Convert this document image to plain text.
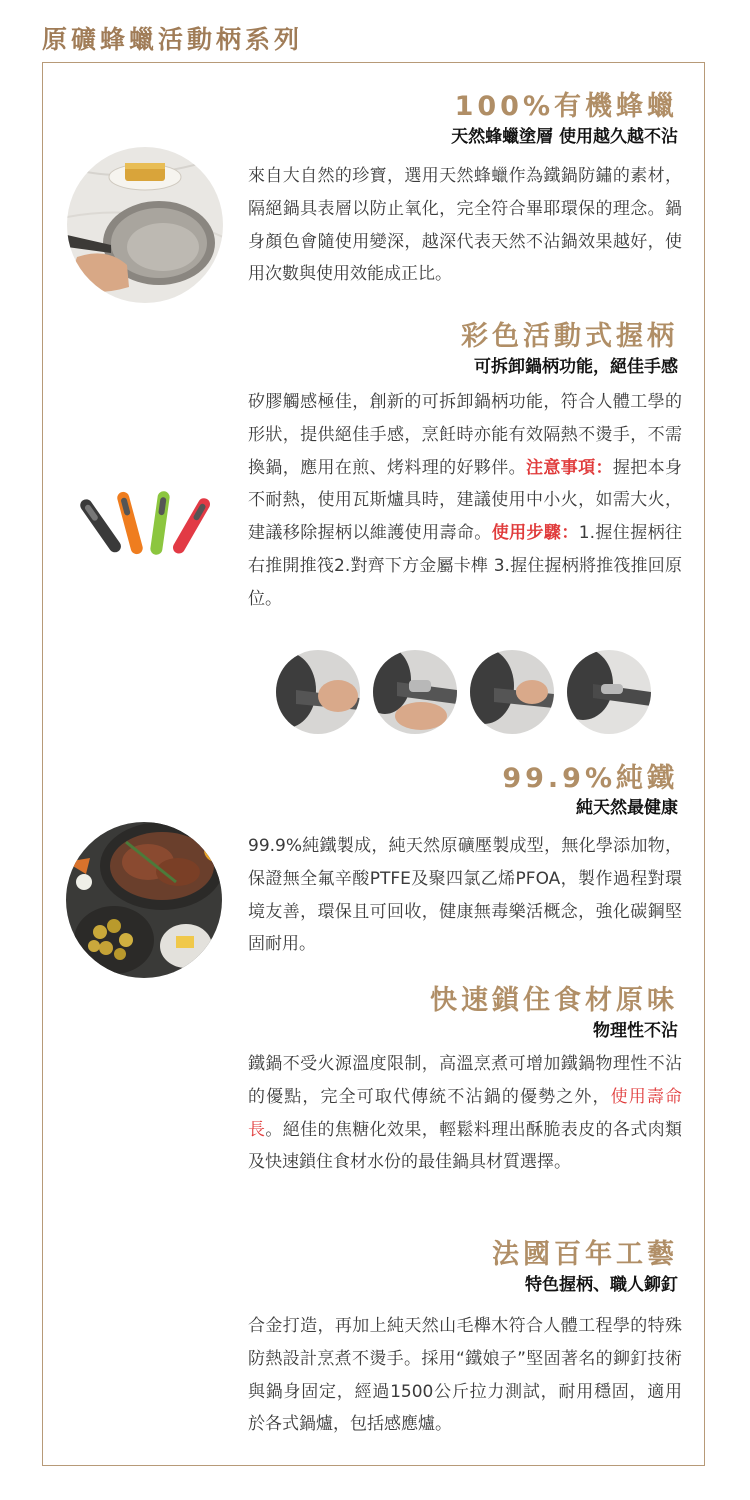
原礦蜂蠟活動柄系列
100%有機蜂蠟
天然蜂蠟塗層 使用越久越不沾

來自大自然的珍寶，選用天然蜂蠟作為鐵鍋防鏽的素材，隔絕鍋具表層以防止氧化，完全符合畢耶環保的理念。鍋身顏色會隨使用變深，越深代表天然不沾鍋效果越好，使用次數與使用效能成正比。

彩色活動式握柄
可拆卸鍋柄功能，絕佳手感

矽膠觸感極佳，創新的可拆卸鍋柄功能，符合人體工學的形狀，提供絕佳手感，烹飪時亦能有效隔熱不燙手，不需換鍋，應用在煎、烤料理的好夥伴。注意事項：握把本身不耐熱，使用瓦斯爐具時，建議使用中小火，如需大火，建議移除握柄以維護使用壽命。使用步驟：1.握住握柄往右推開推筏2.對齊下方金屬卡榫 3.握住握柄將推筏推回原位。

99.9%純鐵
純天然最健康

99.9%純鐵製成，純天然原礦壓製成型，無化學添加物，保證無全氟辛酸PTFE及聚四氯乙烯PFOA，製作過程對環境友善，環保且可回收，健康無毒樂活概念，強化碳鋼堅固耐用。

快速鎖住食材原味
物理性不沾

鐵鍋不受火源溫度限制，高溫烹煮可增加鐵鍋物理性不沾的優點，完全可取代傳統不沾鍋的優勢之外，使用壽命長。絕佳的焦糖化效果，輕鬆料理出酥脆表皮的各式肉類及快速鎖住食材水份的最佳鍋具材質選擇。

法國百年工藝
特色握柄、職人鉚釘

合金打造，再加上純天然山毛櫸木符合人體工程學的特殊防熱設計烹煮不燙手。採用“鐵娘子”堅固著名的鉚釘技術與鍋身固定，經過1500公斤拉力測試，耐用穩固，適用於各式鍋爐，包括感應爐。
